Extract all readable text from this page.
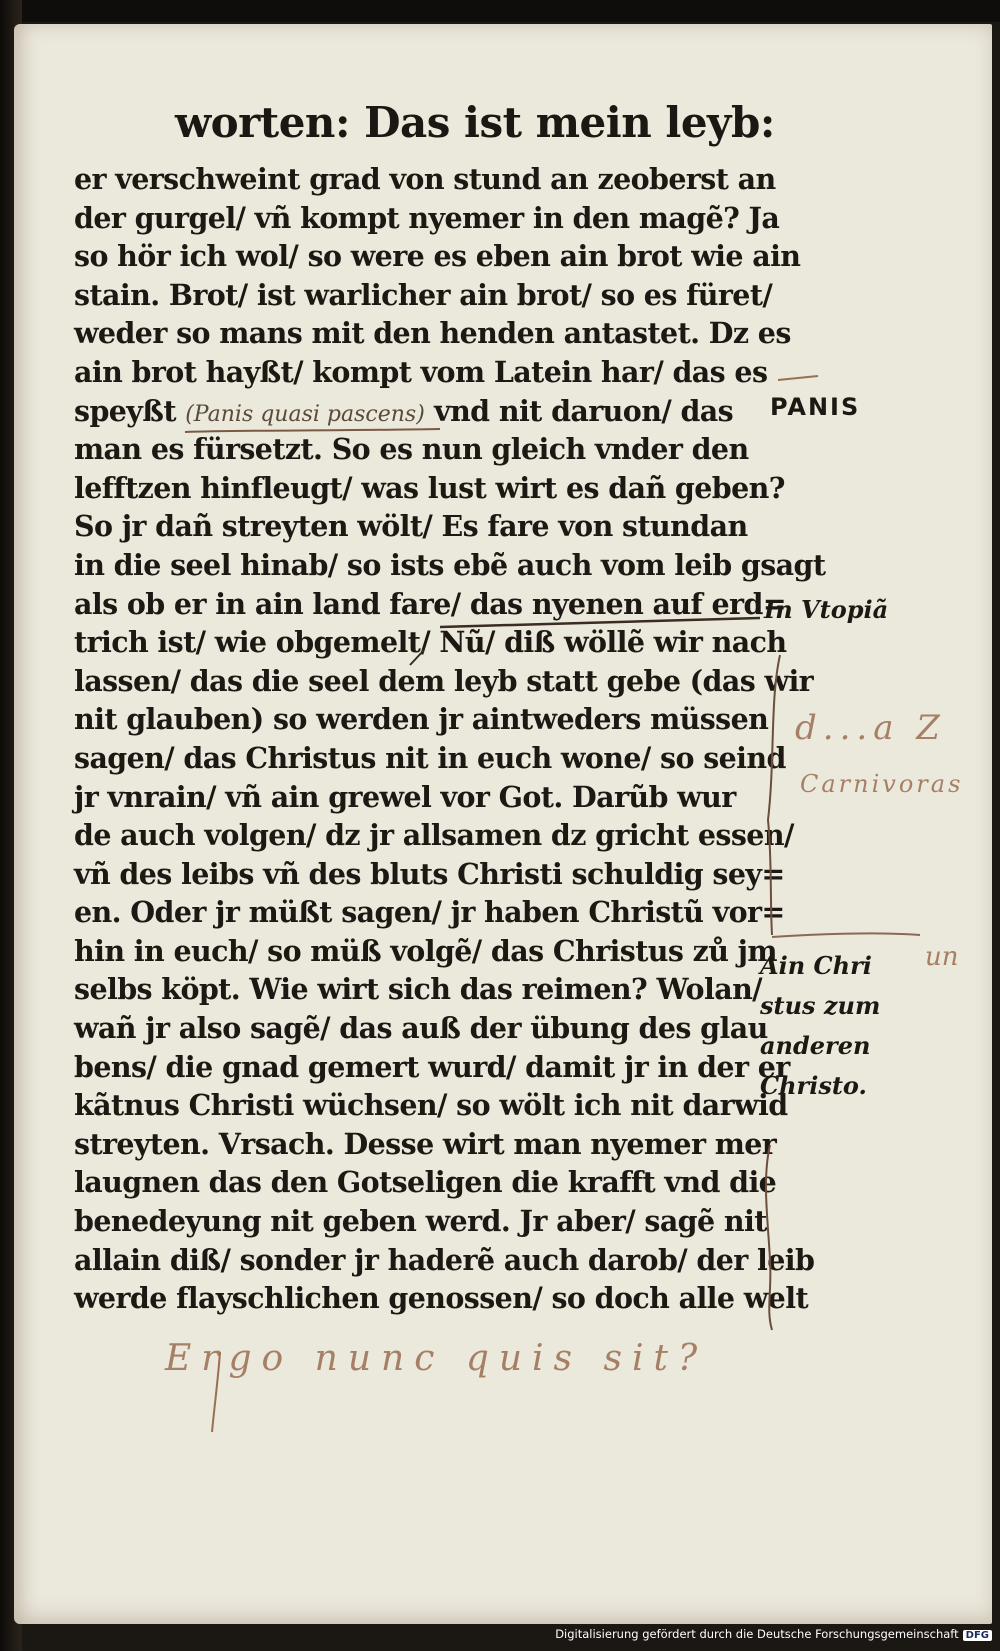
worten: Das ist mein leyb:
er verschweint grad von stund an zeoberst an
der gurgel/ vñ kompt nyemer in den magẽ? Ja
so hör ich wol/ so were es eben ain brot wie ain
stain. Brot/ ist warlicher ain brot/ so es füret/
weder so mans mit den henden antastet. Dz es
ain brot hayßt/ kompt vom Latein har/ das es
speyßt (Panis quasi pascens) vnd nit daruon/ das
man es fürsetzt. So es nun gleich vnder den
lefftzen hinfleugt/ was lust wirt es dañ geben?
So jr dañ streyten wölt/ Es fare von stundan
in die seel hinab/ so ists ebẽ auch vom leib gsagt
als ob er in ain land fare/ das nyenen auf erd=
trich ist/ wie obgemelt/ Nũ/ diß wöllẽ wir nach
lassen/ das die seel dem leyb statt gebe (das wir
nit glauben) so werden jr aintweders müssen
sagen/ das Christus nit in euch wone/ so seind
jr vnrain/ vñ ain grewel vor Got. Darũb wur
de auch volgen/ dz jr allsamen dz gricht essen/
vñ des leibs vñ des bluts Christi schuldig sey=
en. Oder jr müßt sagen/ jr haben Christũ vor=
hin in euch/ so müß volgẽ/ das Christus zů jm
selbs köpt. Wie wirt sich das reimen? Wolan/
wañ jr also sagẽ/ das auß der übung des glau
bens/ die gnad gemert wurd/ damit jr in der er
kãtnus Christi wüchsen/ so wölt ich nit darwid
streyten. Vrsach. Desse wirt man nyemer mer
laugnen das den Gotseligen die krafft vnd die
benedeyung nit geben werd. Jr aber/ sagẽ nit
allain diß/ sonder jr haderẽ auch darob/ der leib
werde flayschlichen genossen/ so doch alle welt
PANIS
In Vtopiã
Ain Chri
stus zum
anderen
Christo.
Ergo nunc quis sit?
d...a Z
Carnivoras
un
Digitalisierung gefördert durch die Deutsche Forschungsgemeinschaft DFG
